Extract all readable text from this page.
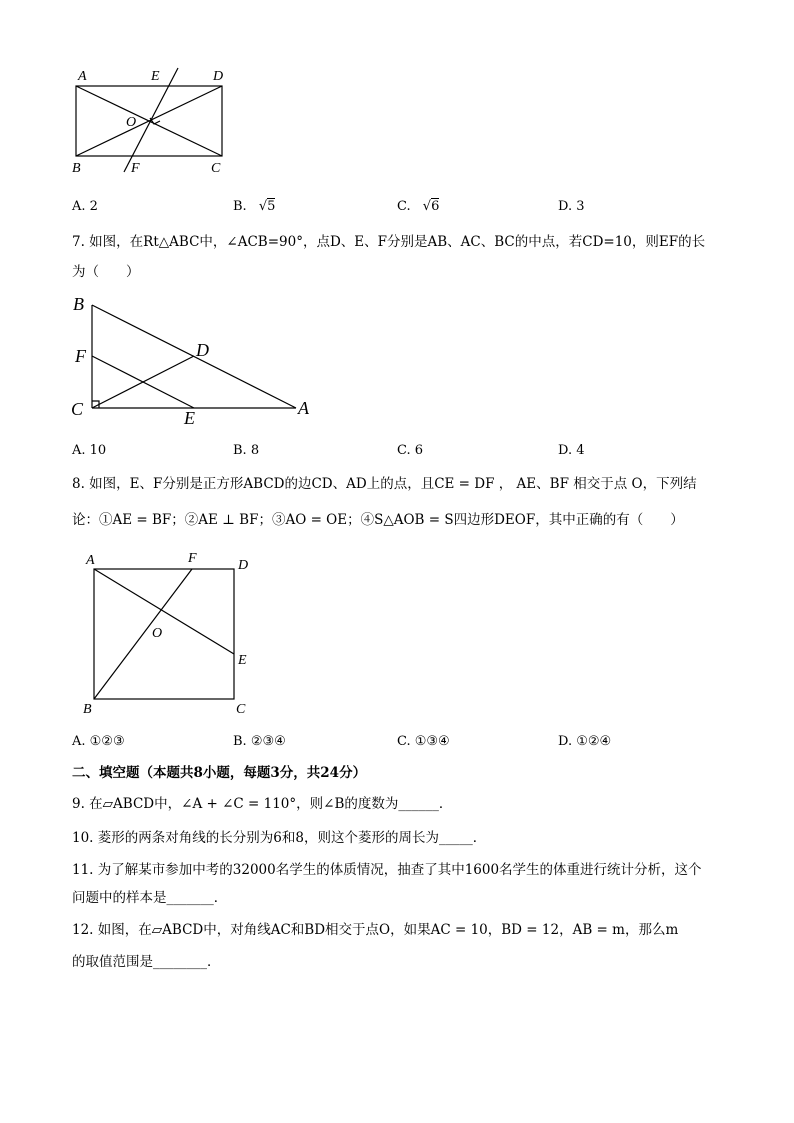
A	E	D
O
B	F	C
A. 2	B. √5	C. √6	D. 3
7. 如图，在Rt△ABC中，∠ACB=90°，点D、E、F分别是AB、AC、BC的中点，若CD=10，则EF的长
为（　　）
B
F	D
C	E	A
A. 10	B. 8	C. 6	D. 4
8. 如图，E、F分别是正方形ABCD的边CD、AD上的点，且CE = DF ， AE、BF 相交于点 O，下列结
论：①AE = BF；②AE ⊥ BF；③AO = OE；④S△AOB = S四边形DEOF，其中正确的有（　　）
A	F	D
O
E
B	C
A. ①②③	B. ②③④	C. ①③④	D. ①②④
二、填空题（本题共8小题，每题3分，共24分）
9. 在▱ABCD中，∠A + ∠C = 110°，则∠B的度数为______．
10. 菱形的两条对角线的长分别为6和8，则这个菱形的周长为_____．
11. 为了解某市参加中考的32000名学生的体质情况，抽查了其中1600名学生的体重进行统计分析，这个
问题中的样本是_______．
12. 如图，在▱ABCD中，对角线AC和BD相交于点O，如果AC = 10，BD = 12，AB = m，那么m
的取值范围是________．
